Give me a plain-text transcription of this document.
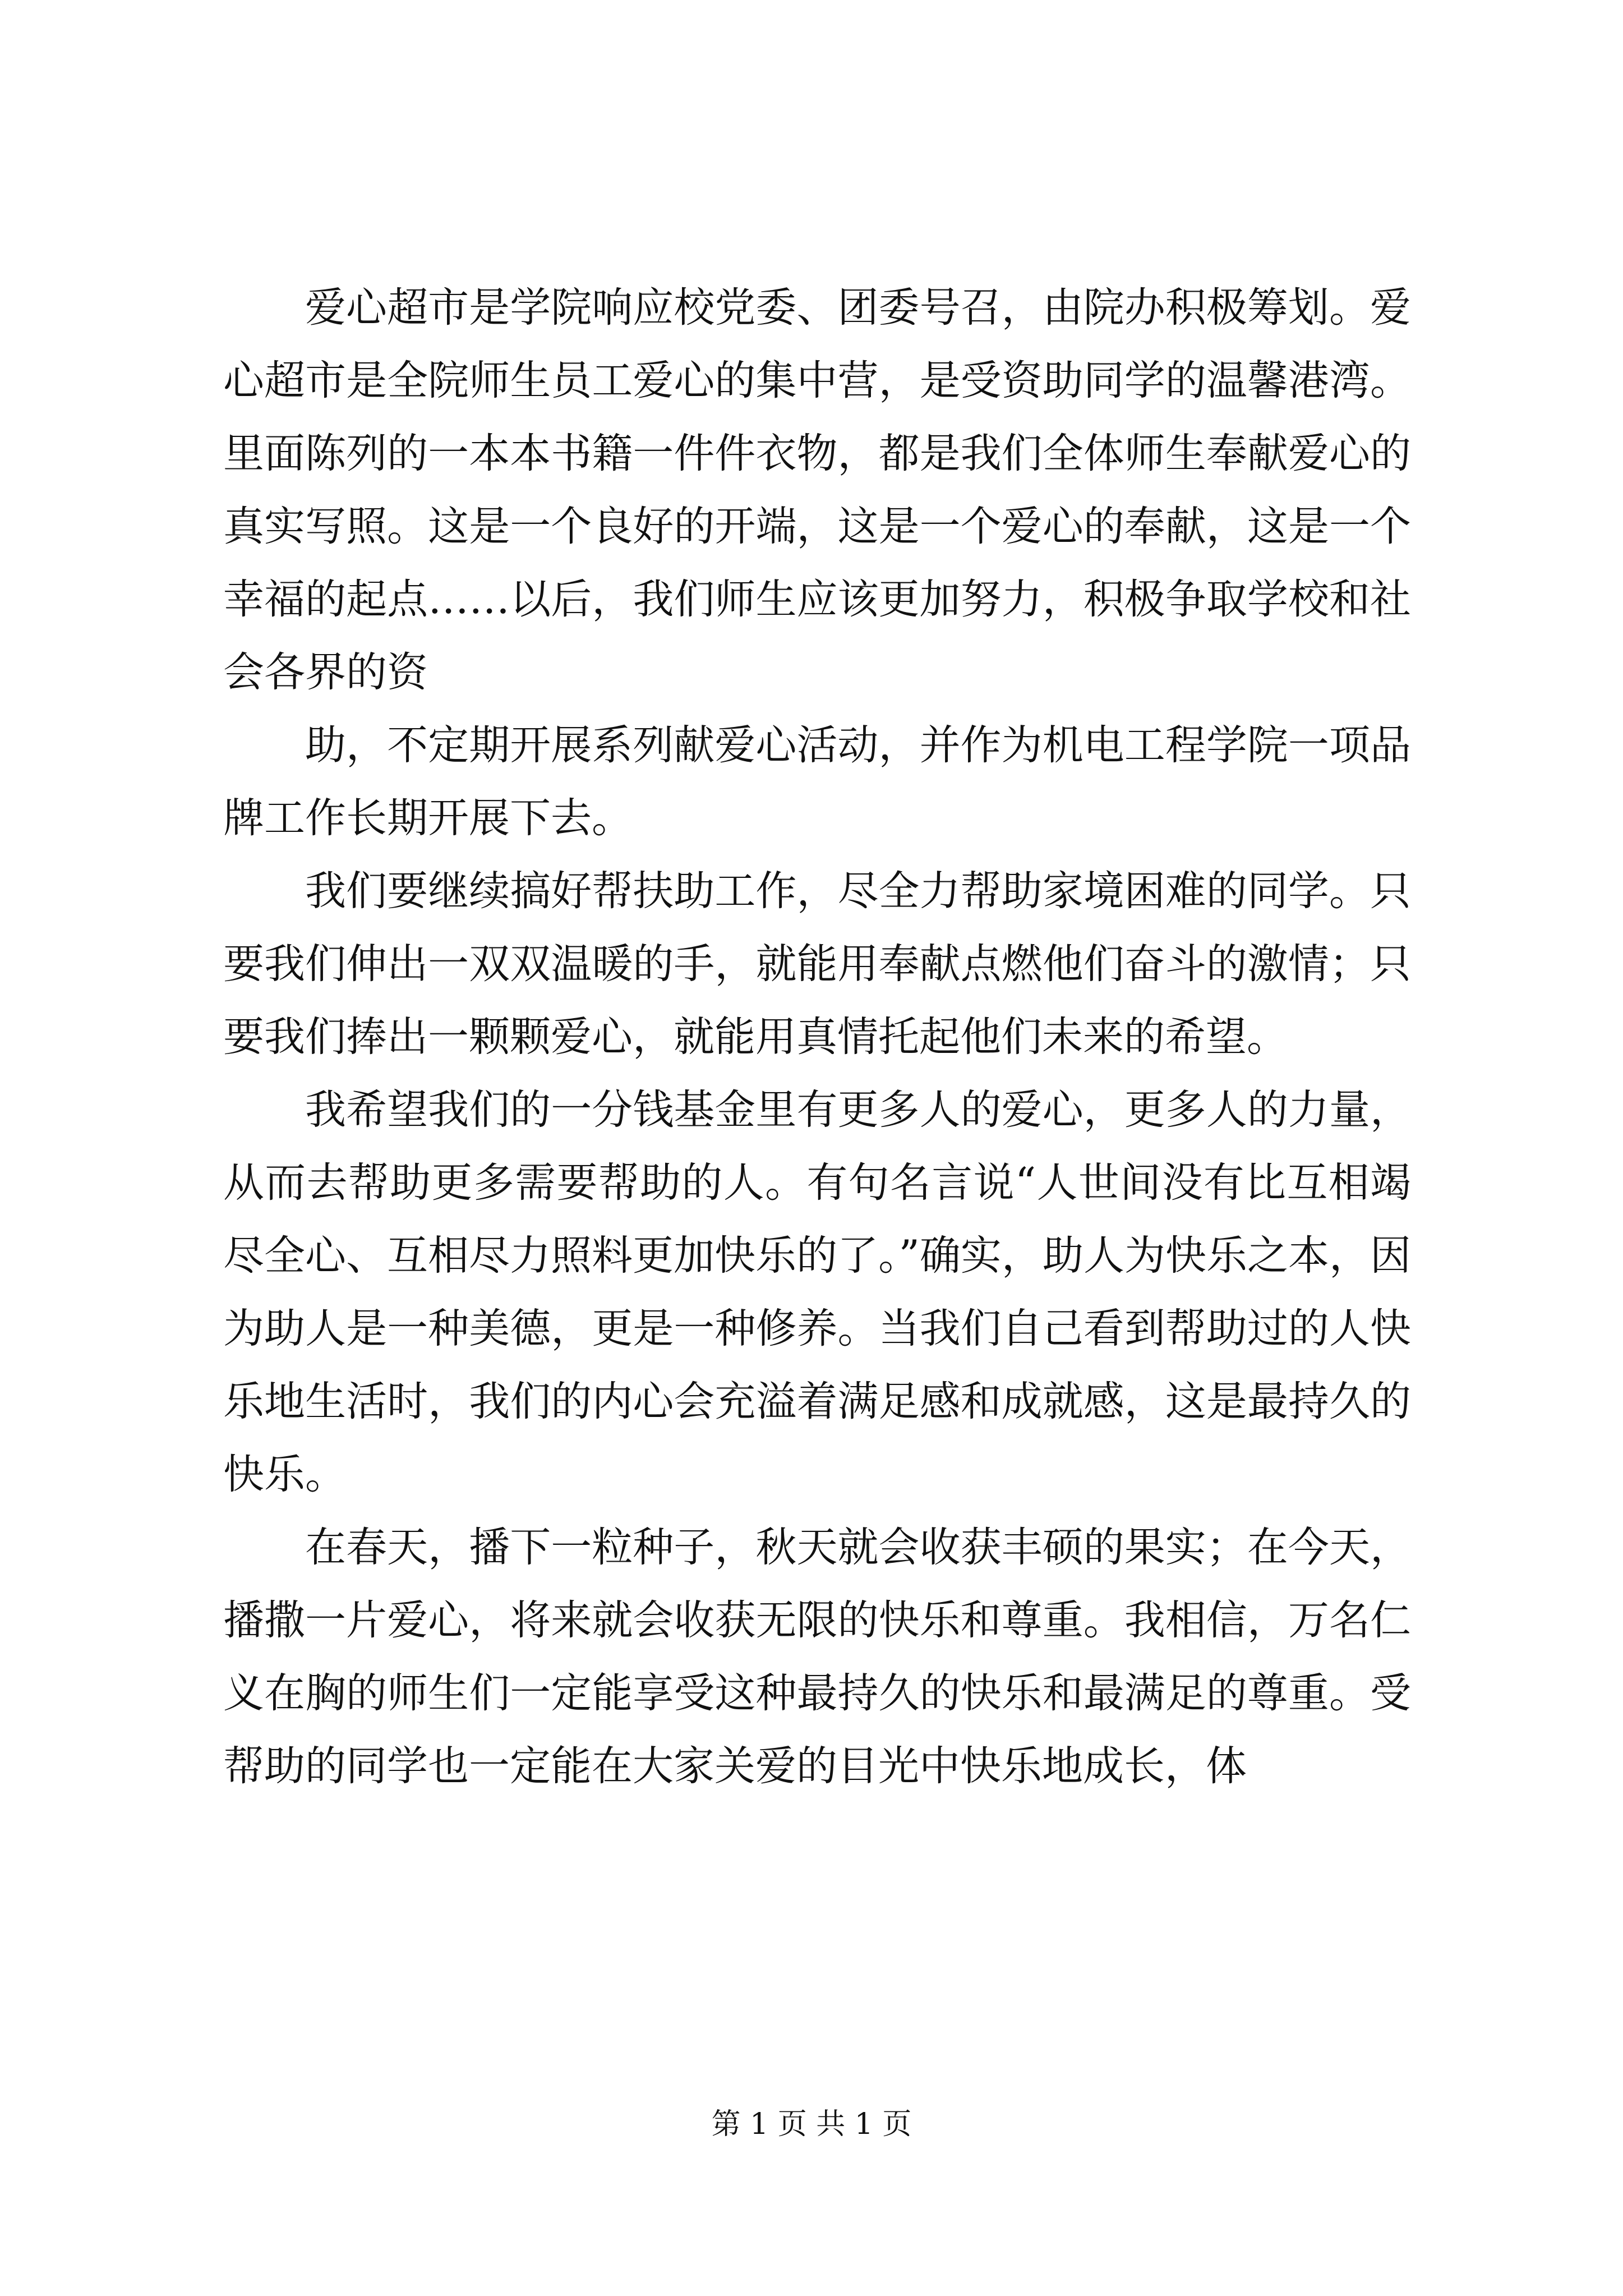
爱心超市是学院响应校党委、团委号召，由院办积极筹划。爱心超市是全院师生员工爱心的集中营，是受资助同学的温馨港湾。里面陈列的一本本书籍一件件衣物，都是我们全体师生奉献爱心的真实写照。这是一个良好的开端，这是一个爱心的奉献，这是一个幸福的起点……以后，我们师生应该更加努力，积极争取学校和社会各界的资

助，不定期开展系列献爱心活动，并作为机电工程学院一项品牌工作长期开展下去。

我们要继续搞好帮扶助工作，尽全力帮助家境困难的同学。只要我们伸出一双双温暖的手，就能用奉献点燃他们奋斗的激情；只要我们捧出一颗颗爱心，就能用真情托起他们未来的希望。

我希望我们的一分钱基金里有更多人的爱心，更多人的力量，从而去帮助更多需要帮助的人。有句名言说“人世间没有比互相竭尽全心、互相尽力照料更加快乐的了。”确实，助人为快乐之本，因为助人是一种美德，更是一种修养。当我们自己看到帮助过的人快乐地生活时，我们的内心会充溢着满足感和成就感，这是最持久的快乐。

在春天，播下一粒种子，秋天就会收获丰硕的果实；在今天，播撒一片爱心，将来就会收获无限的快乐和尊重。我相信，万名仁义在胸的师生们一定能享受这种最持久的快乐和最满足的尊重。受帮助的同学也一定能在大家关爱的目光中快乐地成长，体

第 1 页 共 1 页
